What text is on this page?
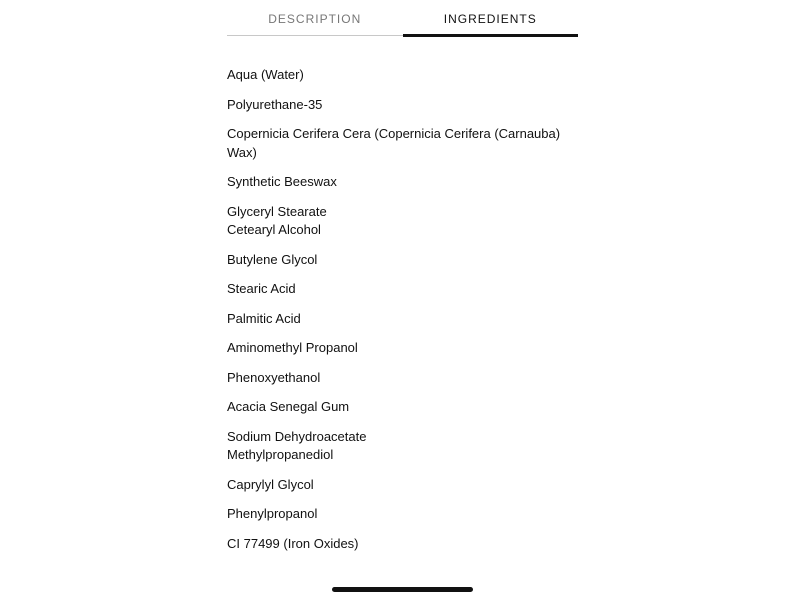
DESCRIPTION	INGREDIENTS
Aqua (Water)
Polyurethane-35
Copernicia Cerifera Cera (Copernicia Cerifera (Carnauba)
Wax)
Synthetic Beeswax
Glyceryl Stearate
Cetearyl Alcohol
Butylene Glycol
Stearic Acid
Palmitic Acid
Aminomethyl Propanol
Phenoxyethanol
Acacia Senegal Gum
Sodium Dehydroacetate
Methylpropanediol
Caprylyl Glycol
Phenylpropanol
CI 77499 (Iron Oxides)
